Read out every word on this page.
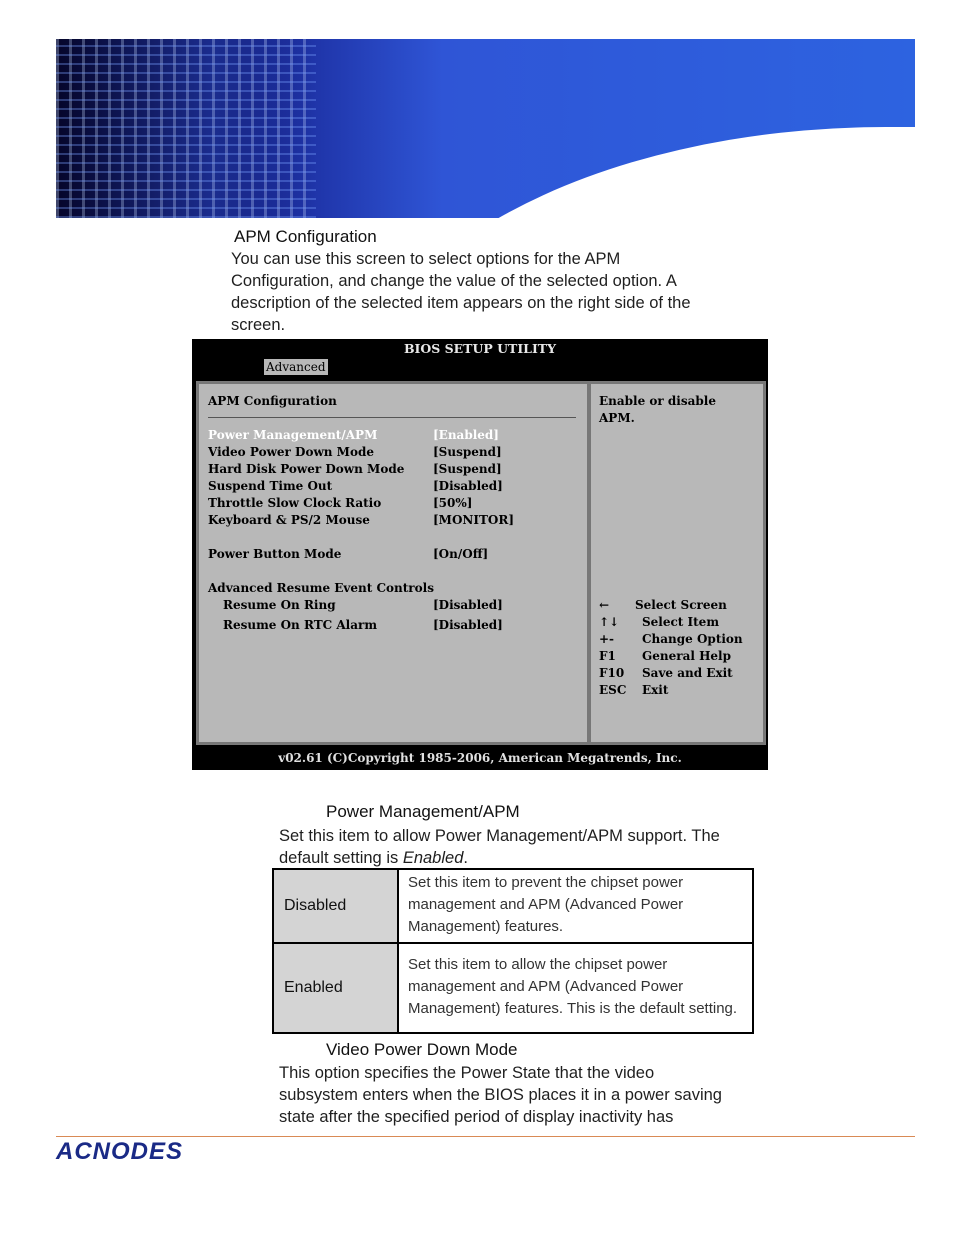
APM Configuration
You can use this screen to select options for the APM
Configuration, and change the value of the selected option. A
description of the selected item appears on the right side of the
screen.
BIOS SETUP UTILITY
Advanced
APM Configuration
Power Management/APM	[Enabled]
Video Power Down Mode	[Suspend]
Hard Disk Power Down Mode [Suspend]
Suspend Time Out	[Disabled]
Throttle Slow Clock Ratio	[50%]
Keyboard & PS/2 Mouse	[MONITOR]
Power Button Mode	[On/Off]
Advanced Resume Event Controls
Resume On Ring	[Disabled]
Resume On RTC Alarm	[Disabled]
Enable or disable
APM.
← Select Screen
↑↓ Select Item
+- Change Option
F1 General Help
F10 Save and Exit
ESC Exit
v02.61 (C)Copyright 1985-2006, American Megatrends, Inc.
Power Management/APM
Set this item to allow Power Management/APM support. The
default setting is Enabled.
Disabled	Set this item to prevent the chipset power management and APM (Advanced Power Management) features.
Enabled	Set this item to allow the chipset power management and APM (Advanced Power Management) features. This is the default setting.
Video Power Down Mode
This option specifies the Power State that the video
subsystem enters when the BIOS places it in a power saving
state after the specified period of display inactivity has
ACNODES
